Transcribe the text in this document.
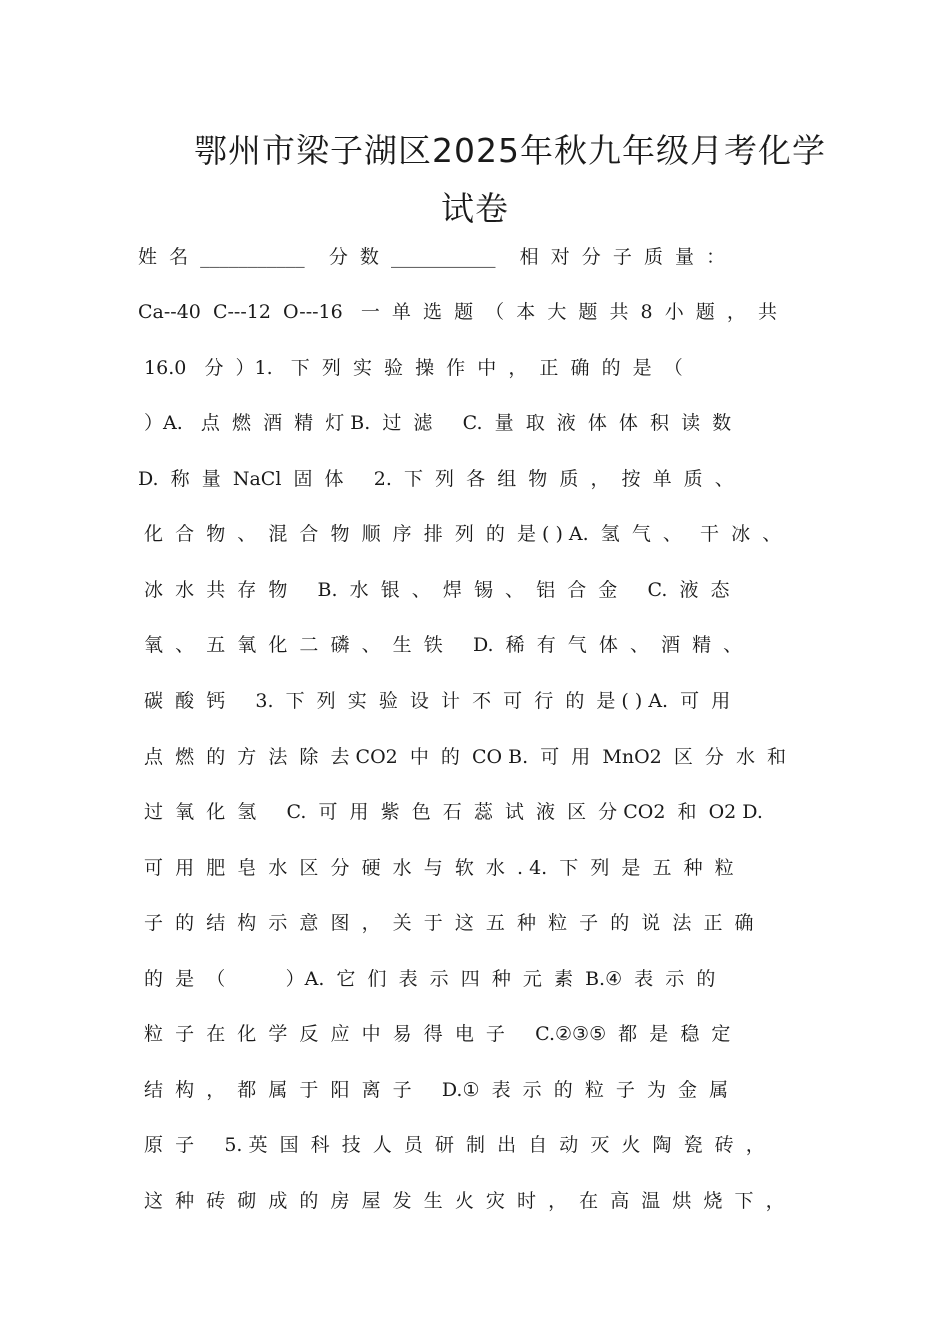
鄂州市梁子湖区2025年秋九年级月考化学
试卷
姓  名  ___________    分  数  ___________    相  对  分  子  质  量  ：
Ca--40  C---12  O---16   一  单  选  题  （  本  大  题  共  8  小  题  ，  共
16.0   分  ）1.   下  列  实  验  操  作  中  ，  正  确  的  是  （
）A.   点  燃  酒  精  灯 B.  过  滤     C.  量  取  液  体  体  积  读  数
D.  称  量  NaCl  固  体     2.  下  列  各  组  物  质  ，  按  单  质  、
化  合  物  、  混  合  物  顺  序  排  列  的  是 ( ) A.  氢  气  、   干  冰  、
冰  水  共  存  物     B.  水  银  、  焊  锡  、  铝  合  金     C.  液  态
氧  、  五  氧  化  二  磷  、  生  铁     D.  稀  有  气  体  、  酒  精  、
碳  酸  钙     3.  下  列  实  验  设  计  不  可  行  的  是 ( ) A.  可  用
点  燃  的  方  法  除  去 CO2  中  的  CO B.  可  用  MnO2  区  分  水  和
过  氧  化  氢     C.  可  用  紫  色  石  蕊  试  液  区  分 CO2  和  O2 D.
可  用  肥  皂  水  区  分  硬  水  与  软  水  . 4.  下  列  是  五  种  粒
子  的  结  构  示  意  图  ，  关  于  这  五  种  粒  子  的  说  法  正  确
的  是  （          ）A.  它  们  表  示  四  种  元  素  B.④  表  示  的
粒  子  在  化  学  反  应  中  易  得  电  子     C.②③⑤  都  是  稳  定
结  构  ，  都  属  于  阳  离  子     D.①  表  示  的  粒  子  为  金  属
原  子     5. 英  国  科  技  人  员  研  制  出  自  动  灭  火  陶  瓷  砖  ，
这  种  砖  砌  成  的  房  屋  发  生  火  灾  时  ，  在  高  温  烘  烧  下  ，
